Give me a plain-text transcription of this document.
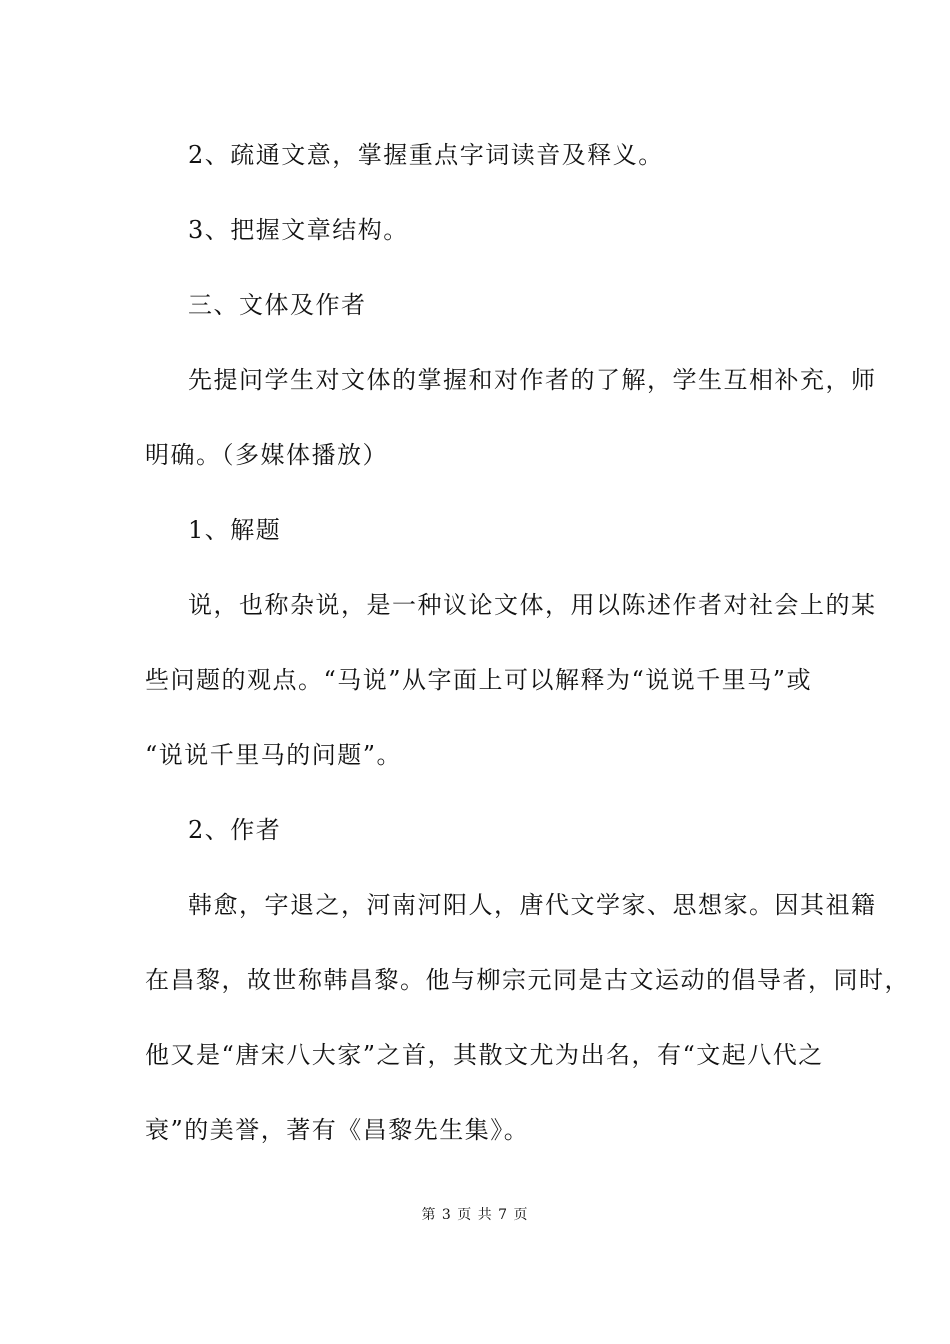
2、疏通文意，掌握重点字词读音及释义。
3、把握文章结构。
三、文体及作者
先提问学生对文体的掌握和对作者的了解，学生互相补充，师
明确。（多媒体播放）
1、解题
说，也称杂说，是一种议论文体，用以陈述作者对社会上的某
些问题的观点。“马说”从字面上可以解释为“说说千里马”或
“说说千里马的问题”。
2、作者
韩愈，字退之，河南河阳人，唐代文学家、思想家。因其祖籍
在昌黎，故世称韩昌黎。他与柳宗元同是古文运动的倡导者，同时，
他又是“唐宋八大家”之首，其散文尤为出名，有“文起八代之
衰”的美誉，著有《昌黎先生集》。
第 3 页 共 7 页
